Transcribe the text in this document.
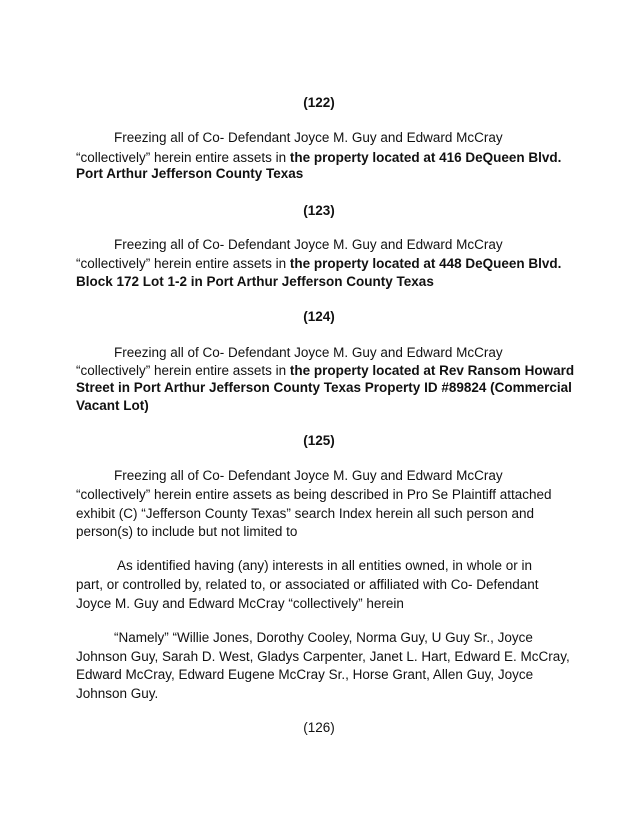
(122)
Freezing all of Co- Defendant Joyce M. Guy and Edward McCray
“collectively” herein entire assets in the property located at 416 DeQueen Blvd.
Port Arthur Jefferson County Texas
(123)
Freezing all of Co- Defendant Joyce M. Guy and Edward McCray
“collectively” herein entire assets in the property located at 448 DeQueen Blvd.
Block 172 Lot 1-2 in Port Arthur Jefferson County Texas
(124)
Freezing all of Co- Defendant Joyce M. Guy and Edward McCray
“collectively” herein entire assets in the property located at Rev Ransom Howard
Street in Port Arthur Jefferson County Texas Property ID #89824 (Commercial
Vacant Lot)
(125)
Freezing all of Co- Defendant Joyce M. Guy and Edward McCray
“collectively” herein entire assets as being described in Pro Se Plaintiff attached
exhibit (C) “Jefferson County Texas” search Index herein all such person and
person(s) to include but not limited to
As identified having (any) interests in all entities owned, in whole or in
part, or controlled by, related to, or associated or affiliated with Co- Defendant
Joyce M. Guy and Edward McCray “collectively” herein
“Namely” “Willie Jones, Dorothy Cooley, Norma Guy, U Guy Sr., Joyce
Johnson Guy, Sarah D. West, Gladys Carpenter, Janet L. Hart, Edward E. McCray,
Edward McCray, Edward Eugene McCray Sr., Horse Grant, Allen Guy, Joyce
Johnson Guy.
(126)
